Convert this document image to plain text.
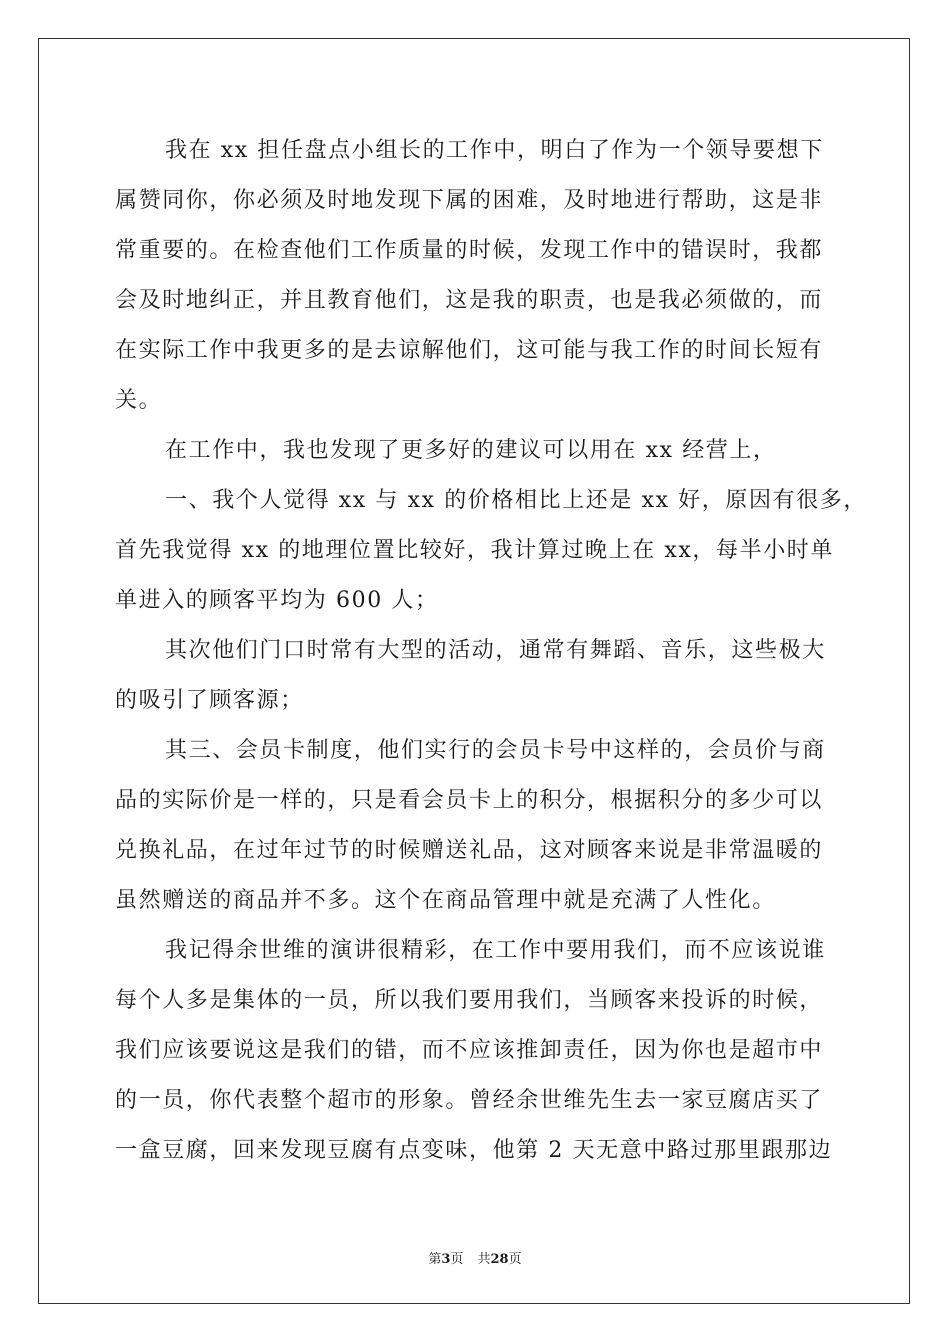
我在 xx 担任盘点小组长的工作中，明白了作为一个领导要想下
属赞同你，你必须及时地发现下属的困难，及时地进行帮助，这是非
常重要的。在检查他们工作质量的时候，发现工作中的错误时，我都
会及时地纠正，并且教育他们，这是我的职责，也是我必须做的，而
在实际工作中我更多的是去谅解他们，这可能与我工作的时间长短有
关。
在工作中，我也发现了更多好的建议可以用在 xx 经营上，
一、我个人觉得 xx 与 xx 的价格相比上还是 xx 好，原因有很多，
首先我觉得 xx 的地理位置比较好，我计算过晚上在 xx，每半小时单
单进入的顾客平均为 600 人；
其次他们门口时常有大型的活动，通常有舞蹈、音乐，这些极大
的吸引了顾客源；
其三、会员卡制度，他们实行的会员卡号中这样的，会员价与商
品的实际价是一样的，只是看会员卡上的积分，根据积分的多少可以
兑换礼品，在过年过节的时候赠送礼品，这对顾客来说是非常温暖的
虽然赠送的商品并不多。这个在商品管理中就是充满了人性化。
我记得余世维的演讲很精彩，在工作中要用我们，而不应该说谁
每个人多是集体的一员，所以我们要用我们，当顾客来投诉的时候，
我们应该要说这是我们的错，而不应该推卸责任，因为你也是超市中
的一员，你代表整个超市的形象。曾经余世维先生去一家豆腐店买了
一盒豆腐，回来发现豆腐有点变味，他第 2 天无意中路过那里跟那边
第3页 共28页
